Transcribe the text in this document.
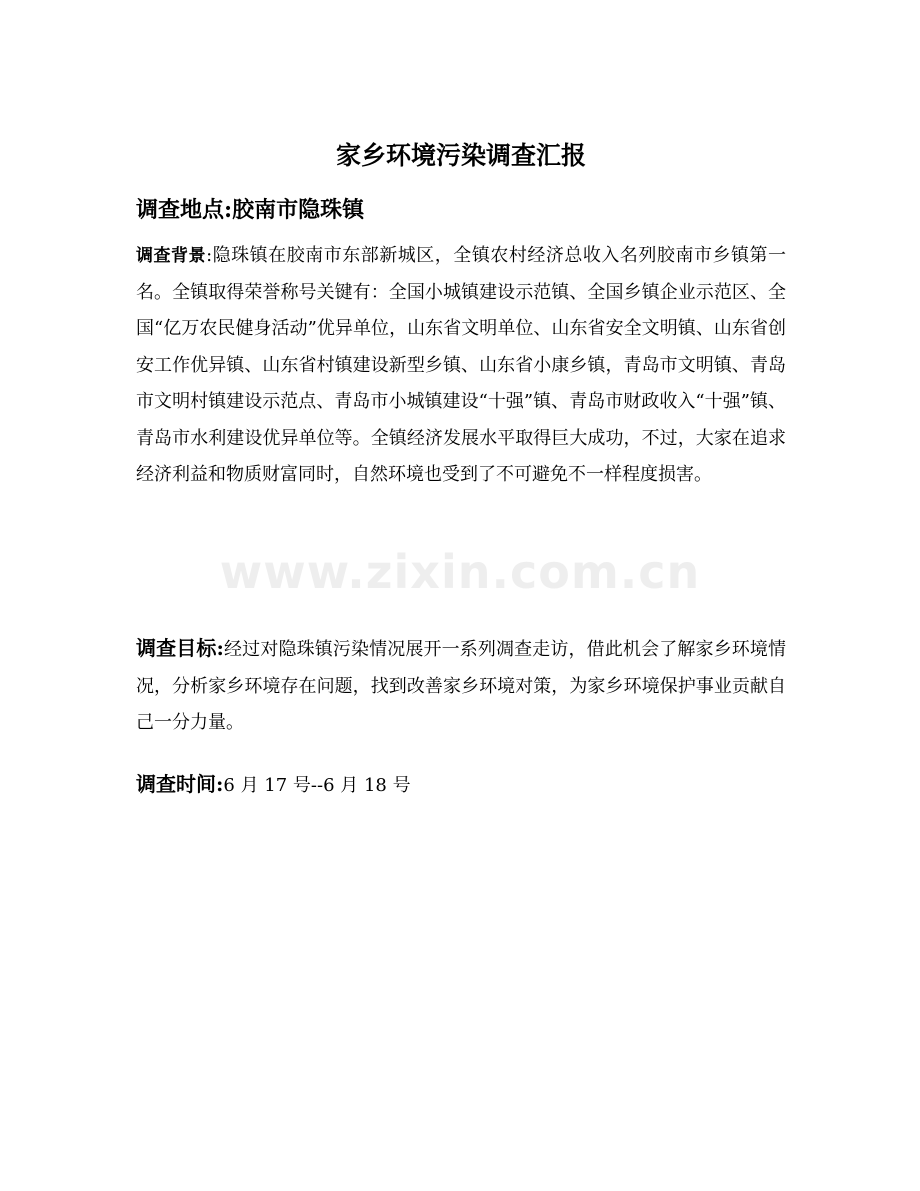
www.zixin.com.cn
家乡环境污染调查汇报

调查地点:胶南市隐珠镇

调查背景:隐珠镇在胶南市东部新城区，全镇农村经济总收入名列胶南市乡镇第一名。全镇取得荣誉称号关键有：全国小城镇建设示范镇、全国乡镇企业示范区、全国“亿万农民健身活动”优异单位，山东省文明单位、山东省安全文明镇、山东省创安工作优异镇、山东省村镇建设新型乡镇、山东省小康乡镇，青岛市文明镇、青岛市文明村镇建设示范点、青岛市小城镇建设“十强”镇、青岛市财政收入“十强”镇、青岛市水利建设优异单位等。全镇经济发展水平取得巨大成功，不过，大家在追求经济利益和物质财富同时，自然环境也受到了不可避免不一样程度损害。

调查目标:经过对隐珠镇污染情况展开一系列凋查走访，借此机会了解家乡环境情况，分析家乡环境存在问题，找到改善家乡环境对策，为家乡环境保护事业贡献自己一分力量。

调查时间:6 月 17 号--6 月 18 号
